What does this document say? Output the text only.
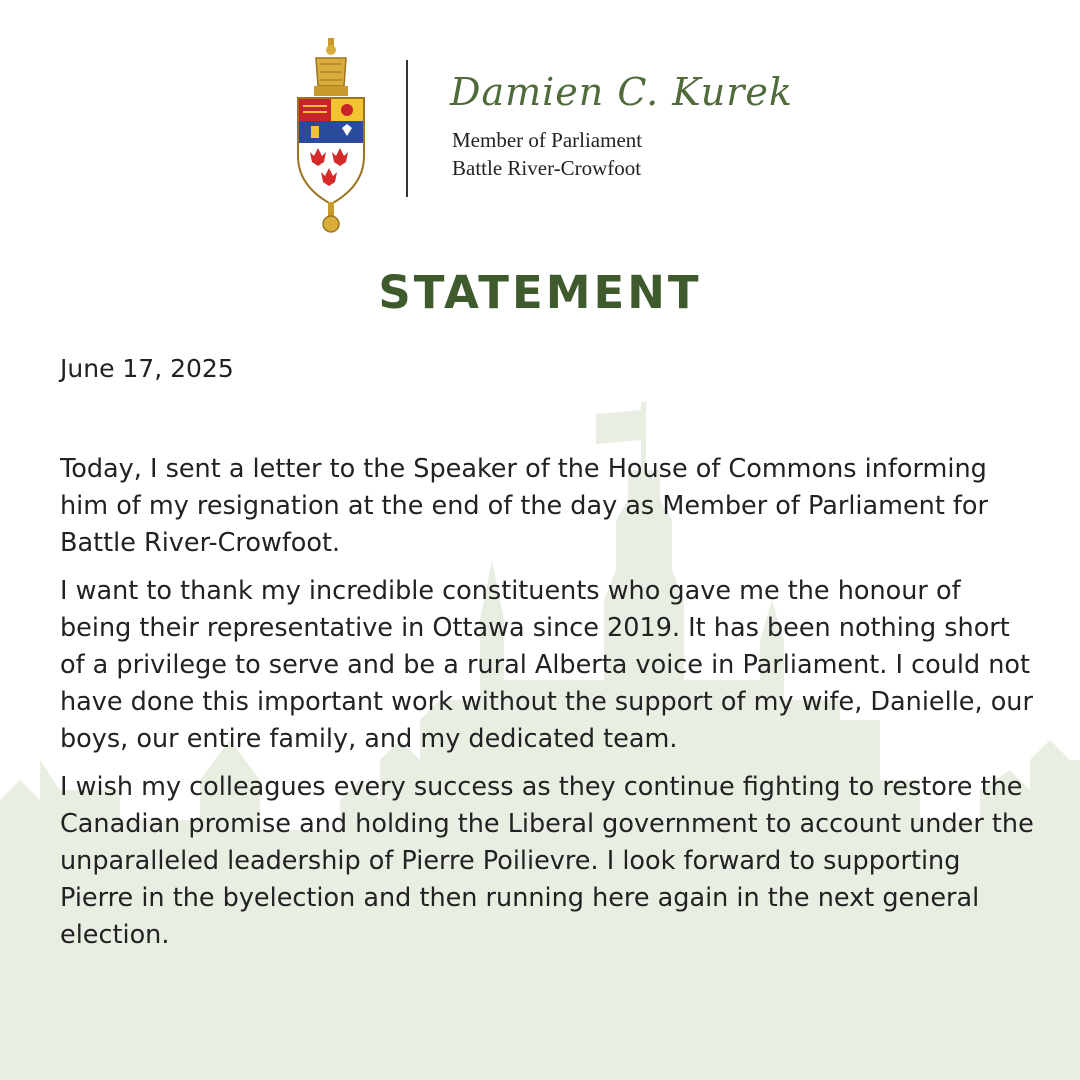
Damien C. Kurek
Member of Parliament
Battle River-Crowfoot
STATEMENT
June 17, 2025

Today, I sent a letter to the Speaker of the House of Commons informing him of my resignation at the end of the day as Member of Parliament for Battle River-Crowfoot.

I want to thank my incredible constituents who gave me the honour of being their representative in Ottawa since 2019. It has been nothing short of a privilege to serve and be a rural Alberta voice in Parliament. I could not have done this important work without the support of my wife, Danielle, our boys, our entire family, and my dedicated team.

I wish my colleagues every success as they continue fighting to restore the Canadian promise and holding the Liberal government to account under the unparalleled leadership of Pierre Poilievre. I look forward to supporting Pierre in the byelection and then running here again in the next general election.
